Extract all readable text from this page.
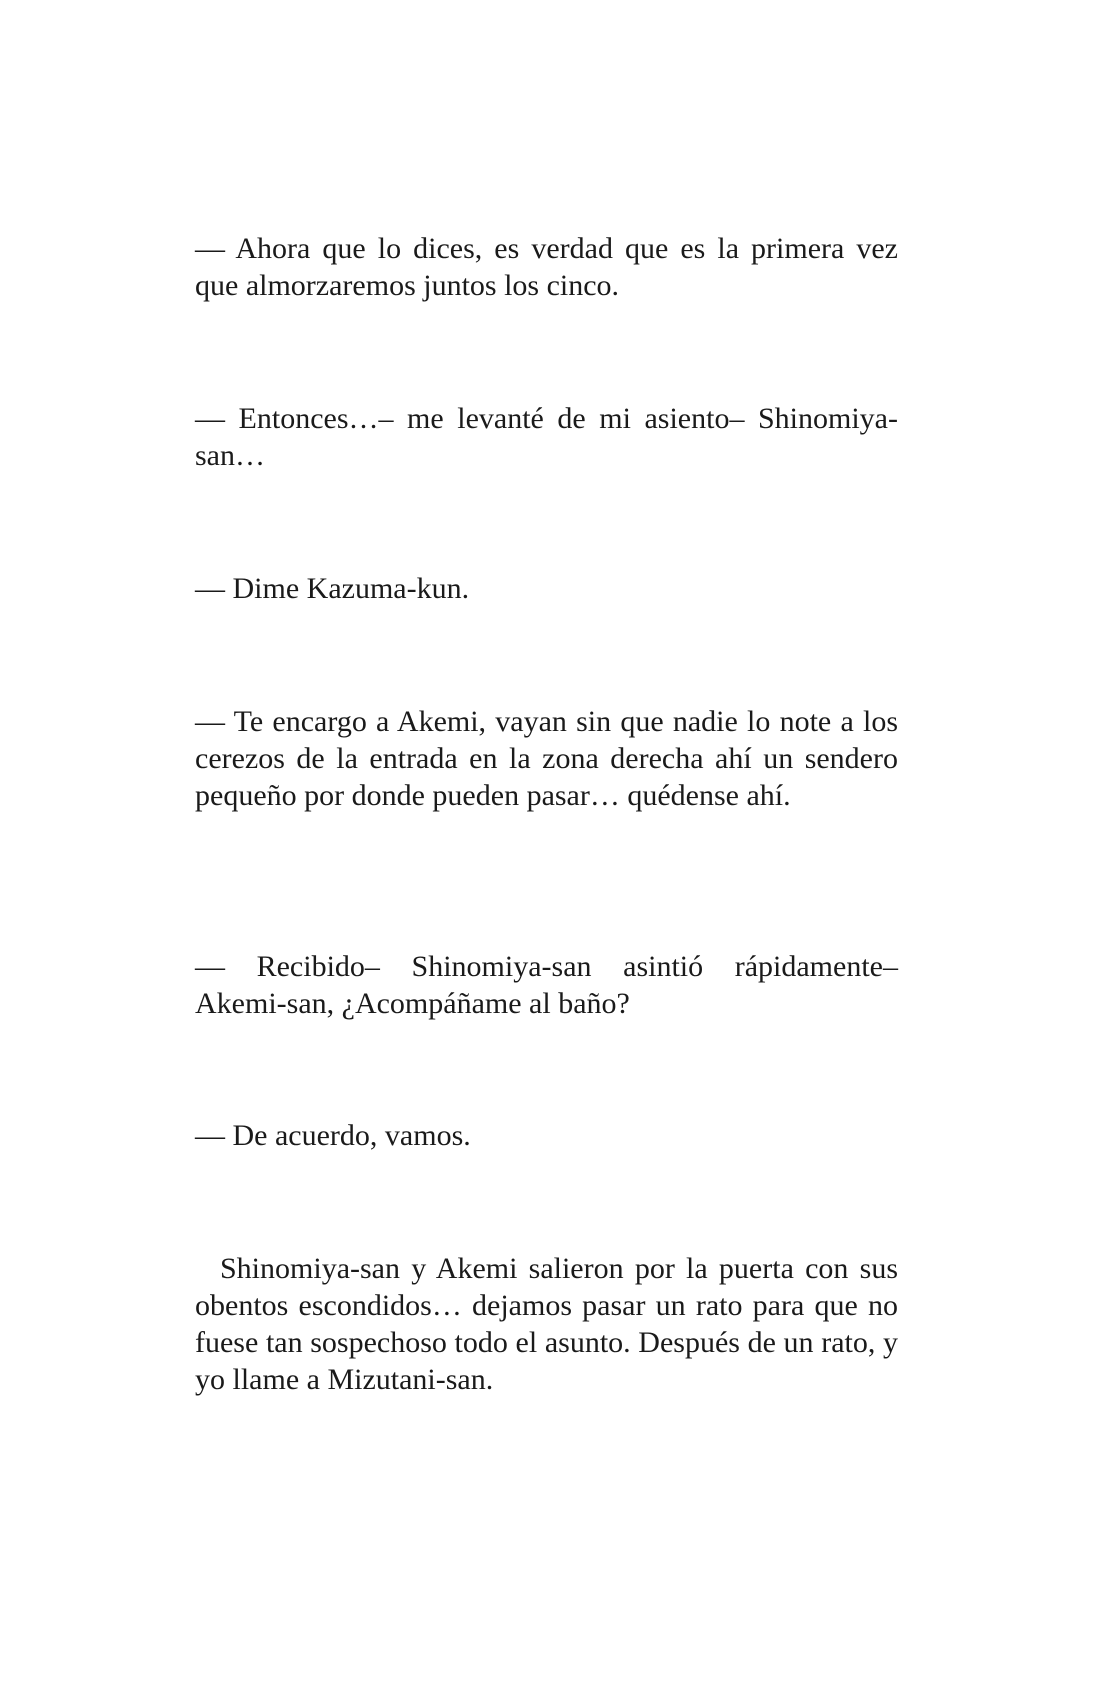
— Ahora que lo dices, es verdad que es la primera vez que almorzaremos juntos los cinco.

— Entonces…– me levanté de mi asiento– Shinomiya-san…

— Dime Kazuma-kun.

— Te encargo a Akemi, vayan sin que nadie lo note a los cerezos de la entrada en la zona derecha ahí un sendero pequeño por donde pueden pasar… quédense ahí.

— Recibido– Shinomiya-san asintió rápidamente– Akemi-san, ¿Acompáñame al baño?

— De acuerdo, vamos.

Shinomiya-san y Akemi salieron por la puerta con sus obentos escondidos… dejamos pasar un rato para que no fuese tan sospechoso todo el asunto. Después de un rato, y yo llame a Mizutani-san.
